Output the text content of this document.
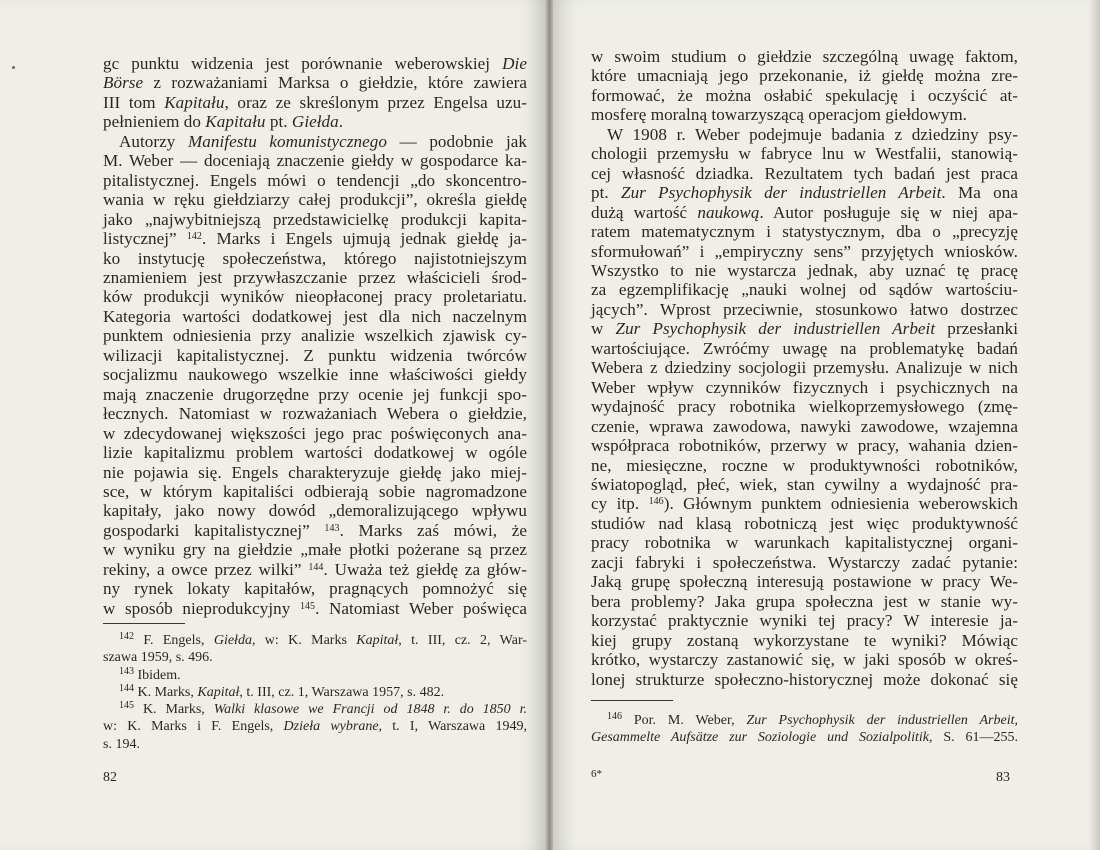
gc punktu widzenia jest porównanie weberowskiej Die
Börse z rozważaniami Marksa o giełdzie, które zawiera
III tom Kapitału, oraz ze skreślonym przez Engelsa uzu-
pełnieniem do Kapitału pt. Giełda.
Autorzy Manifestu komunistycznego — podobnie jak
M. Weber — doceniają znaczenie giełdy w gospodarce ka-
pitalistycznej. Engels mówi o tendencji „do skoncentro-
wania w ręku giełdziarzy całej produkcji”, określa giełdę
jako „najwybitniejszą przedstawicielkę produkcji kapita-
listycznej” $^{142}$. Marks i Engels ujmują jednak giełdę ja-
ko instytucję społeczeństwa, którego najistotniejszym
znamieniem jest przywłaszczanie przez właścicieli środ-
ków produkcji wyników nieopłaconej pracy proletariatu.
Kategoria wartości dodatkowej jest dla nich naczelnym
punktem odniesienia przy analizie wszelkich zjawisk cy-
wilizacji kapitalistycznej. Z punktu widzenia twórców
socjalizmu naukowego wszelkie inne właściwości giełdy
mają znaczenie drugorzędne przy ocenie jej funkcji spo-
łecznych. Natomiast w rozważaniach Webera o giełdzie,
w zdecydowanej większości jego prac poświęconych ana-
lizie kapitalizmu problem wartości dodatkowej w ogóle
nie pojawia się. Engels charakteryzuje giełdę jako miej-
sce, w którym kapitaliści odbierają sobie nagromadzone
kapitały, jako nowy dowód „demoralizującego wpływu
gospodarki kapitalistycznej” $^{143}$. Marks zaś mówi, że
w wyniku gry na giełdzie „małe płotki pożerane są przez
rekiny, a owce przez wilki” $^{144}$. Uważa też giełdę za głów-
ny rynek lokaty kapitałów, pragnących pomnożyć się
w sposób nieprodukcyjny $^{145}$. Natomiast Weber poświęca
$^{142}$ F. Engels, Giełda, w: K. Marks Kapitał, t. III, cz. 2, War-
szawa 1959, s. 496.
$^{143}$ Ibidem.
$^{144}$ K. Marks, Kapitał, t. III, cz. 1, Warszawa 1957, s. 482.
$^{145}$ K. Marks, Walki klasowe we Francji od 1848 r. do 1850 r.
w: K. Marks i F. Engels, Dzieła wybrane, t. I, Warszawa 1949,
s. 194.
82
w swoim studium o giełdzie szczególną uwagę faktom,
które umacniają jego przekonanie, iż giełdę można zre-
formować, że można osłabić spekulację i oczyścić at-
mosferę moralną towarzyszącą operacjom giełdowym.
W 1908 r. Weber podejmuje badania z dziedziny psy-
chologii przemysłu w fabryce lnu w Westfalii, stanowią-
cej własność dziadka. Rezultatem tych badań jest praca
pt. Zur Psychophysik der industriellen Arbeit. Ma ona
dużą wartość naukową. Autor posługuje się w niej apa-
ratem matematycznym i statystycznym, dba o „precyzję
sformułowań” i „empiryczny sens” przyjętych wniosków.
Wszystko to nie wystarcza jednak, aby uznać tę pracę
za egzemplifikację „nauki wolnej od sądów wartościu-
jących”. Wprost przeciwnie, stosunkowo łatwo dostrzec
w Zur Psychophysik der industriellen Arbeit przesłanki
wartościujące. Zwróćmy uwagę na problematykę badań
Webera z dziedziny socjologii przemysłu. Analizuje w nich
Weber wpływ czynników fizycznych i psychicznych na
wydajność pracy robotnika wielkoprzemysłowego (zmę-
czenie, wprawa zawodowa, nawyki zawodowe, wzajemna
współpraca robotników, przerwy w pracy, wahania dzien-
ne, miesięczne, roczne w produktywności robotników,
światopogląd, płeć, wiek, stan cywilny a wydajność pra-
cy itp. $^{146}$). Głównym punktem odniesienia weberowskich
studiów nad klasą robotniczą jest więc produktywność
pracy robotnika w warunkach kapitalistycznej organi-
zacji fabryki i społeczeństwa. Wystarczy zadać pytanie:
Jaką grupę społeczną interesują postawione w pracy We-
bera problemy? Jaka grupa społeczna jest w stanie wy-
korzystać praktycznie wyniki tej pracy? W interesie ja-
kiej grupy zostaną wykorzystane te wyniki? Mówiąc
krótko, wystarczy zastanowić się, w jaki sposób w okreś-
lonej strukturze społeczno-historycznej może dokonać się
$^{146}$ Por. M. Weber, Zur Psychophysik der industriellen Arbeit,
Gesammelte Aufsätze zur Soziologie und Sozialpolitik, S. 61—255.
6*	83
